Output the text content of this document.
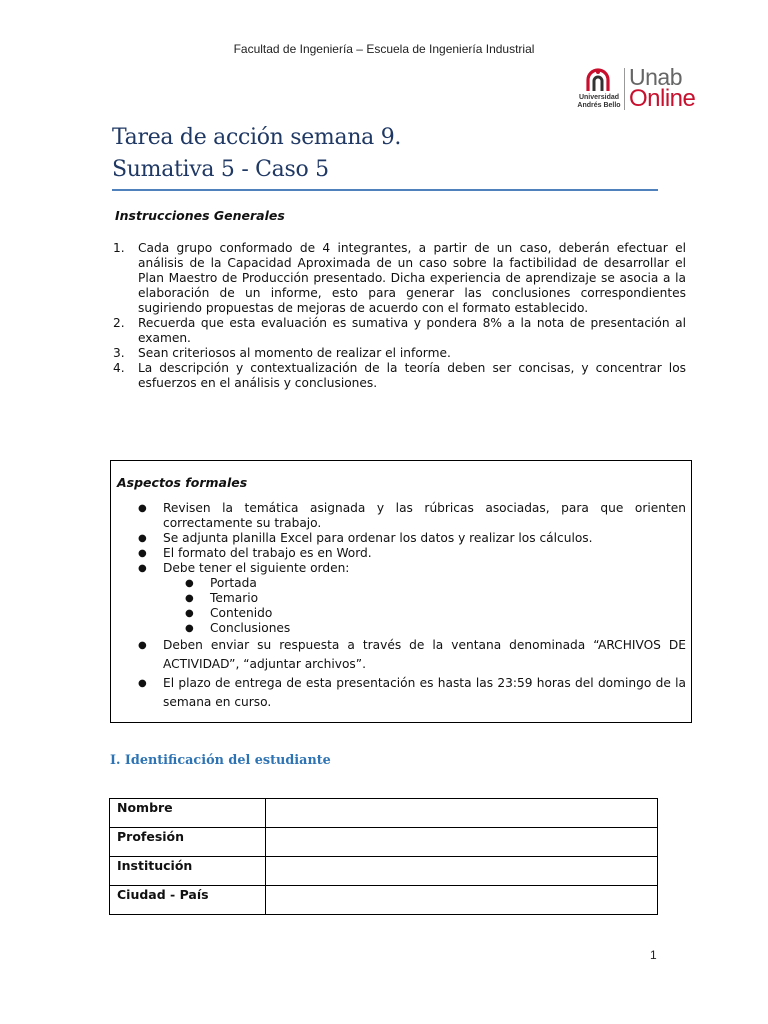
Facultad de Ingeniería – Escuela de Ingeniería Industrial
Universidad
Andrés Bello
Unab
Online
Tarea de acción semana 9.
Sumativa 5 - Caso 5
Instrucciones Generales
1. Cada grupo conformado de 4 integrantes, a partir de un caso, deberán efectuar el análisis de la Capacidad Aproximada de un caso sobre la factibilidad de desarrollar el Plan Maestro de Producción presentado. Dicha experiencia de aprendizaje se asocia a la elaboración de un informe, esto para generar las conclusiones correspondientes sugiriendo propuestas de mejoras de acuerdo con el formato establecido.
2. Recuerda que esta evaluación es sumativa y pondera 8% a la nota de presentación al examen.
3. Sean criteriosos al momento de realizar el informe.
4. La descripción y contextualización de la teoría deben ser concisas, y concentrar los esfuerzos en el análisis y conclusiones.
Aspectos formales
● Revisen la temática asignada y las rúbricas asociadas, para que orienten correctamente su trabajo.
● Se adjunta planilla Excel para ordenar los datos y realizar los cálculos.
● El formato del trabajo es en Word.
● Debe tener el siguiente orden:
● Portada
● Temario
● Contenido
● Conclusiones
● Deben enviar su respuesta a través de la ventana denominada “ARCHIVOS DE ACTIVIDAD”, “adjuntar archivos”.
● El plazo de entrega de esta presentación es hasta las 23:59 horas del domingo de la semana en curso.
I. Identificación del estudiante
Nombre	
Profesión	
Institución	
Ciudad - País	
1
